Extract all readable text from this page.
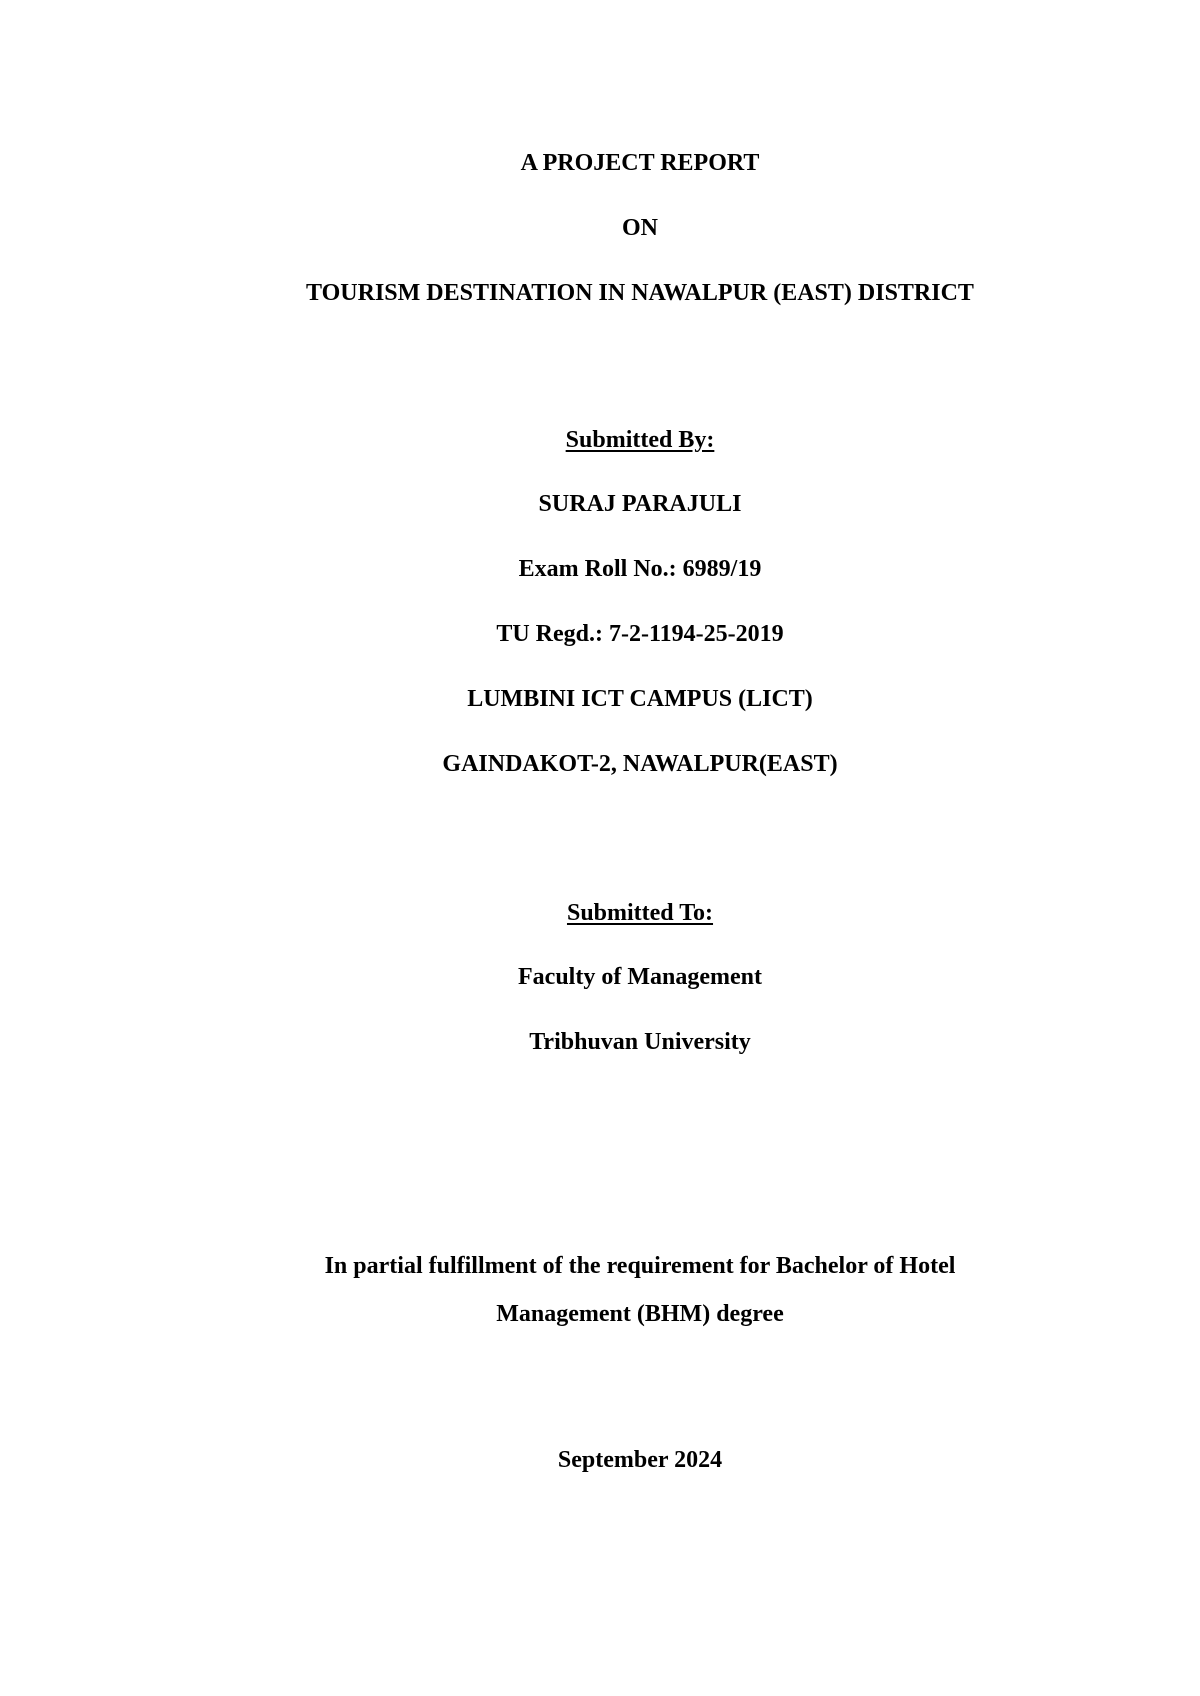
A PROJECT REPORT
ON
TOURISM DESTINATION IN NAWALPUR (EAST) DISTRICT
Submitted By:
SURAJ PARAJULI
Exam Roll No.: 6989/19
TU Regd.: 7-2-1194-25-2019
LUMBINI ICT CAMPUS (LICT)
GAINDAKOT-2, NAWALPUR(EAST)
Submitted To:
Faculty of Management
Tribhuvan University
In partial fulfillment of the requirement for Bachelor of Hotel
Management (BHM) degree
September 2024
